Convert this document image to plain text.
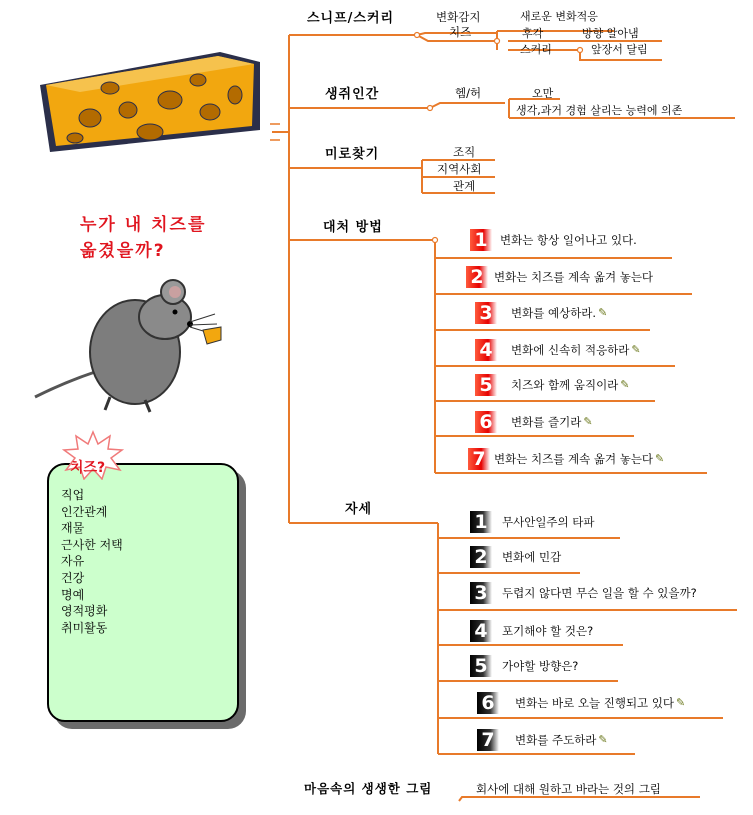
누가 내 치즈를
옮겼을까?
직업
인간관계
재물
근사한 저택
자유
건강
명예
영적평화
취미활동
치즈?
스니프/스커리	변화감지
치즈
새로운 변화적응
후각	방향 알아냄
스커리	앞장서 달림
생쥐인간	헴/허	오만
생각,과거 경험 살리는 능력에 의존
미로찾기	조직
지역사회
관계
대처 방법
1	변화는 항상 일어나고 있다.
2 변화는 치즈를 계속 옮겨 놓는다
3	변화를 예상하라. ✎
4	변화에 신속히 적응하라 ✎
5	치즈와 함께 움직이라 ✎
6	변화를 즐기라 ✎
7 변화는 치즈를 계속 옮겨 놓는다 ✎
자세
1	무사안일주의 타파
2	변화에 민감
3	두렵지 않다면 무슨 일을 할 수 있을까?
4	포기해야 할 것은?
5	가야할 방향은?
6	변화는 바로 오늘 진행되고 있다 ✎
7	변화를 주도하라 ✎
마음속의 생생한 그림	회사에 대해 원하고 바라는 것의 그림
